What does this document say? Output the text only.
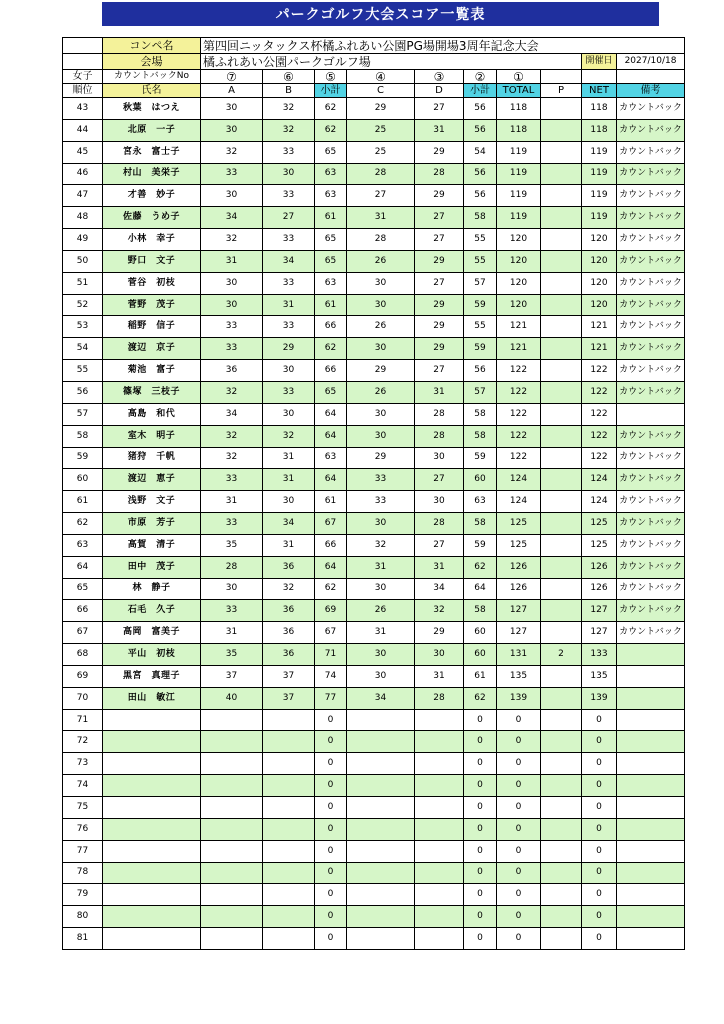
パークゴルフ大会スコア一覧表
	コンペ名	第四回ニッタックス杯橘ふれあい公園PG場開場3周年記念大会									
	会場	橘ふれあい公園パークゴルフ場								開催日	2027/10/18
女子	カウントバックNo	⑦	⑥	⑤	④	③	②	①			
順位	氏名	A	B	小計	C	D	小計	TOTAL	P	NET	備考
43	秋葉　はつえ	30	32	62	29	27	56	118		118	カウントバック
44	北原　一子	30	32	62	25	31	56	118		118	カウントバック
45	宮永　富士子	32	33	65	25	29	54	119		119	カウントバック
46	村山　美栄子	33	30	63	28	28	56	119		119	カウントバック
47	才善　妙子	30	33	63	27	29	56	119		119	カウントバック
48	佐藤　うめ子	34	27	61	31	27	58	119		119	カウントバック
49	小林　幸子	32	33	65	28	27	55	120		120	カウントバック
50	野口　文子	31	34	65	26	29	55	120		120	カウントバック
51	菅谷　初枝	30	33	63	30	27	57	120		120	カウントバック
52	菅野　茂子	30	31	61	30	29	59	120		120	カウントバック
53	稲野　信子	33	33	66	26	29	55	121		121	カウントバック
54	渡辺　京子	33	29	62	30	29	59	121		121	カウントバック
55	菊池　富子	36	30	66	29	27	56	122		122	カウントバック
56	篠塚　三枝子	32	33	65	26	31	57	122		122	カウントバック
57	高島　和代	34	30	64	30	28	58	122		122	
58	室木　明子	32	32	64	30	28	58	122		122	カウントバック
59	猪狩　千帆	32	31	63	29	30	59	122		122	カウントバック
60	渡辺　恵子	33	31	64	33	27	60	124		124	カウントバック
61	浅野　文子	31	30	61	33	30	63	124		124	カウントバック
62	市原　芳子	33	34	67	30	28	58	125		125	カウントバック
63	高賀　清子	35	31	66	32	27	59	125		125	カウントバック
64	田中　茂子	28	36	64	31	31	62	126		126	カウントバック
65	林　静子	30	32	62	30	34	64	126		126	カウントバック
66	石毛　久子	33	36	69	26	32	58	127		127	カウントバック
67	高岡　富美子	31	36	67	31	29	60	127		127	カウントバック
68	平山　初枝	35	36	71	30	30	60	131	2	133	
69	黒宮　真理子	37	37	74	30	31	61	135		135	
70	田山　敏江	40	37	77	34	28	62	139		139	
71				0			0	0		0	
72				0			0	0		0	
73				0			0	0		0	
74				0			0	0		0	
75				0			0	0		0	
76				0			0	0		0	
77				0			0	0		0	
78				0			0	0		0	
79				0			0	0		0	
80				0			0	0		0	
81				0			0	0		0	
